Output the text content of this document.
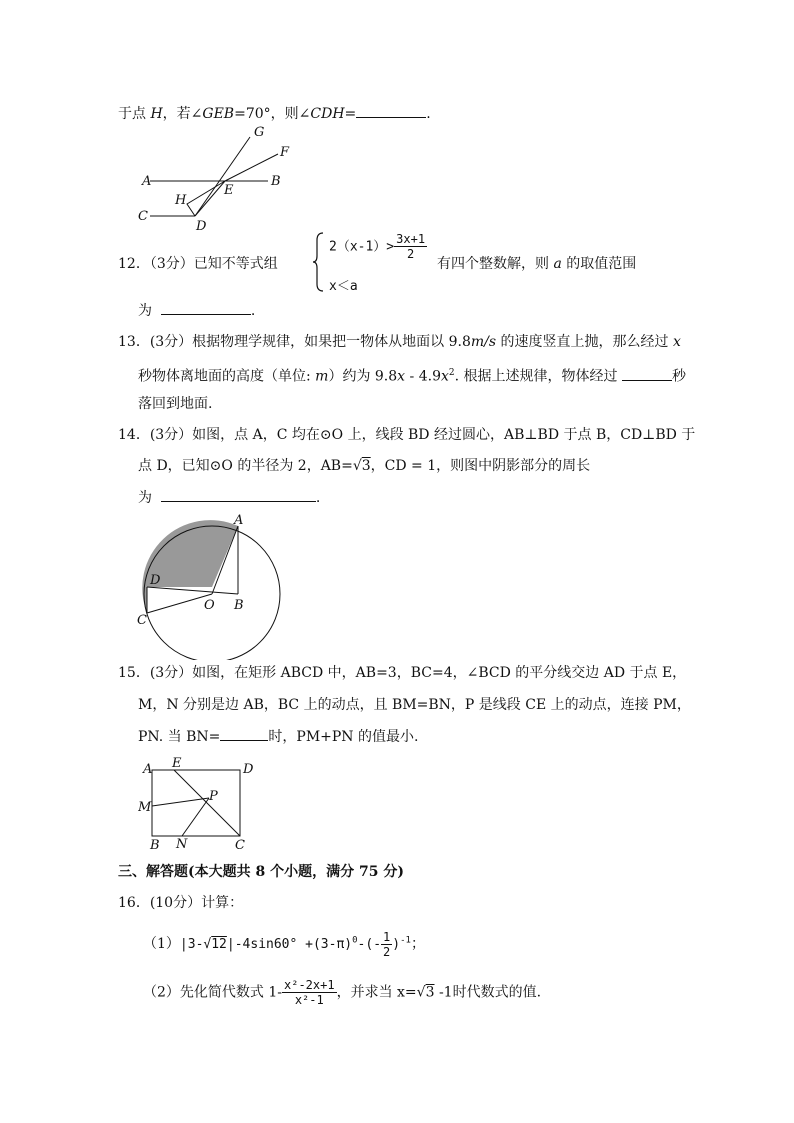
于点 H，若∠GEB=70°，则∠CDH=	.
G
F
A
E
B
H
C
D
12．（3分）已知不等式组
$2(x-1)> \frac{3x+1}{2}$
x＜a
有四个整数解，则 a 的取值范围
为	.
13．(3分）根据物理学规律，如果把一物体从地面以 9.8m/s 的速度竖直上抛，那么经过 x
秒物体离地面的高度（单位: m）约为 $9.8x - 4.9x^2$. 根据上述规律，物体经过	秒
落回到地面.
14．(3分）如图，点 A，C 均在⊙O 上，线段 BD 经过圆心，AB⊥BD 于点 B，CD⊥BD 于
点 D，已知⊙O 的半径为 2，AB=√3，CD = 1，则图中阴影部分的周长
为	.
A
D
O B
C
15．(3分）如图，在矩形 ABCD 中，AB=3，BC=4，∠BCD 的平分线交边 AD 于点 E，
M，N 分别是边 AB，BC 上的动点，且 BM=BN，P 是线段 CE 上的动点，连接 PM，
PN. 当 BN=	时，PM+PN 的值最小.
A E	D
M
P
B N	C
三、解答题(本大题共 8 个小题，满分 75 分)
16．(10分）计算：
$(1)|3-√12|-4\sin 60^\circ +(3-\pi)^0-(- \frac{1}{2} )^{-1}$；
（2）先化简代数式 $1- \frac{\text{x²-2x+1}}{\text{x²-1}}$ ，并求当 x=√3 -1时代数式的值.
